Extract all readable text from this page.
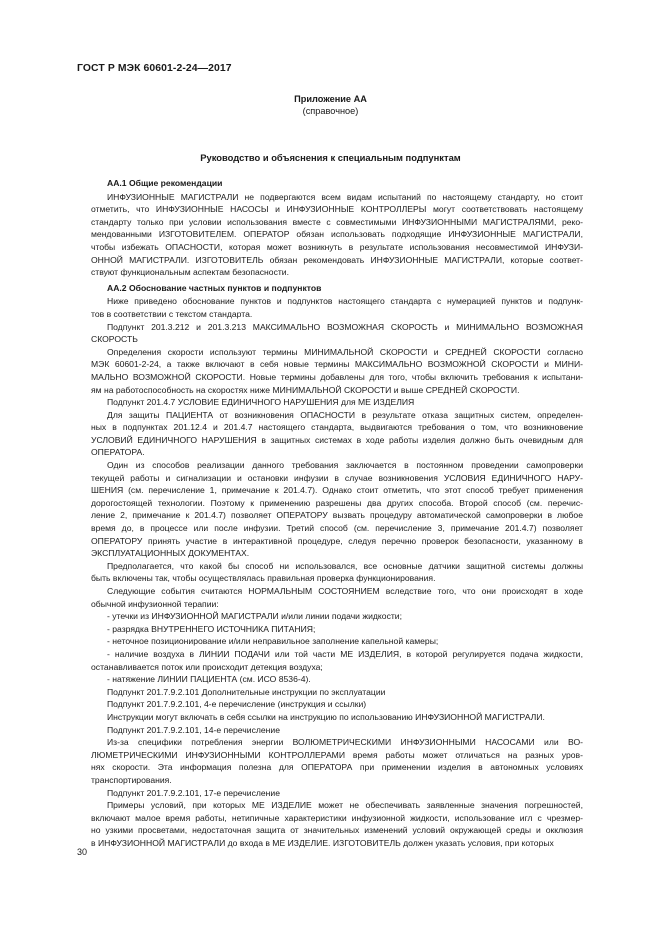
ГОСТ Р МЭК 60601-2-24—2017
Приложение АА
(справочное)
Руководство и объяснения к специальным подпунктам
АА.1 Общие рекомендации
ИНФУЗИОННЫЕ МАГИСТРАЛИ не подвергаются всем видам испытаний по настоящему стандарту, но стоит
отметить, что ИНФУЗИОННЫЕ НАСОСЫ и ИНФУЗИОННЫЕ КОНТРОЛЛЕРЫ могут соответствовать настоящему
стандарту только при условии использования вместе с совместимыми ИНФУЗИОННЫМИ МАГИСТРАЛЯМИ, реко-
мендованными ИЗГОТОВИТЕЛЕМ. ОПЕРАТОР обязан использовать подходящие ИНФУЗИОННЫЕ МАГИСТРАЛИ,
чтобы избежать ОПАСНОСТИ, которая может возникнуть в результате использования несовместимой ИНФУЗИ-
ОННОЙ МАГИСТРАЛИ. ИЗГОТОВИТЕЛЬ обязан рекомендовать ИНФУЗИОННЫЕ МАГИСТРАЛИ, которые соответ-
ствуют функциональным аспектам безопасности.
АА.2 Обоснование частных пунктов и подпунктов
Ниже приведено обоснование пунктов и подпунктов настоящего стандарта с нумерацией пунктов и подпунк-
тов в соответствии с текстом стандарта.
Подпункт 201.3.212 и 201.3.213 МАКСИМАЛЬНО ВОЗМОЖНАЯ СКОРОСТЬ и МИНИМАЛЬНО ВОЗМОЖНАЯ
СКОРОСТЬ
Определения скорости используют термины МИНИМАЛЬНОЙ СКОРОСТИ и СРЕДНЕЙ СКОРОСТИ согласно
МЭК 60601-2-24, а также включают в себя новые термины МАКСИМАЛЬНО ВОЗМОЖНОЙ СКОРОСТИ и МИНИ-
МАЛЬНО ВОЗМОЖНОЙ СКОРОСТИ. Новые термины добавлены для того, чтобы включить требования к испытани-
ям на работоспособность на скоростях ниже МИНИМАЛЬНОЙ СКОРОСТИ и выше СРЕДНЕЙ СКОРОСТИ.
Подпункт 201.4.7 УСЛОВИЕ ЕДИНИЧНОГО НАРУШЕНИЯ для МЕ ИЗДЕЛИЯ
Для защиты ПАЦИЕНТА от возникновения ОПАСНОСТИ в результате отказа защитных систем, определен-
ных в подпунктах 201.12.4 и 201.4.7 настоящего стандарта, выдвигаются требования о том, что возникновение
УСЛОВИЙ ЕДИНИЧНОГО НАРУШЕНИЯ в защитных системах в ходе работы изделия должно быть очевидным для
ОПЕРАТОРА.
Один из способов реализации данного требования заключается в постоянном проведении самопроверки
текущей работы и сигнализации и остановки инфузии в случае возникновения УСЛОВИЯ ЕДИНИЧНОГО НАРУ-
ШЕНИЯ (см. перечисление 1, примечание к 201.4.7). Однако стоит отметить, что этот способ требует применения
дорогостоящей технологии. Поэтому к применению разрешены два других способа. Второй способ (см. перечис-
ление 2, примечание к 201.4.7) позволяет ОПЕРАТОРУ вызвать процедуру автоматической самопроверки в любое
время до, в процессе или после инфузии. Третий способ (см. перечисление 3, примечание 201.4.7) позволяет
ОПЕРАТОРУ принять участие в интерактивной процедуре, следуя перечню проверок безопасности, указанному в
ЭКСПЛУАТАЦИОННЫХ ДОКУМЕНТАХ.
Предполагается, что какой бы способ ни использовался, все основные датчики защитной системы должны
быть включены так, чтобы осуществлялась правильная проверка функционирования.
Следующие события считаются НОРМАЛЬНЫМ СОСТОЯНИЕМ вследствие того, что они происходят в ходе
обычной инфузионной терапии:
- утечки из ИНФУЗИОННОЙ МАГИСТРАЛИ и/или линии подачи жидкости;
- разрядка ВНУТРЕННЕГО ИСТОЧНИКА ПИТАНИЯ;
- неточное позиционирование и/или неправильное заполнение капельной камеры;
- наличие воздуха в ЛИНИИ ПОДАЧИ или той части МЕ ИЗДЕЛИЯ, в которой регулируется подача жидкости,
останавливается поток или происходит детекция воздуха;
- натяжение ЛИНИИ ПАЦИЕНТА (см. ИСО 8536-4).
Подпункт 201.7.9.2.101 Дополнительные инструкции по эксплуатации
Подпункт 201.7.9.2.101, 4-е перечисление (инструкция и ссылки)
Инструкции могут включать в себя ссылки на инструкцию по использованию ИНФУЗИОННОЙ МАГИСТРАЛИ.
Подпункт 201.7.9.2.101, 14-е перечисление
Из-за специфики потребления энергии ВОЛЮМЕТРИЧЕСКИМИ ИНФУЗИОННЫМИ НАСОСАМИ или ВО-
ЛЮМЕТРИЧЕСКИМИ ИНФУЗИОННЫМИ КОНТРОЛЛЕРАМИ время работы может отличаться на разных уров-
нях скорости. Эта информация полезна для ОПЕРАТОРА при применении изделия в автономных условиях
транспортирования.
Подпункт 201.7.9.2.101, 17-е перечисление
Примеры условий, при которых МЕ ИЗДЕЛИЕ может не обеспечивать заявленные значения погрешностей,
включают малое время работы, нетипичные характеристики инфузионной жидкости, использование игл с чрезмер-
но узкими просветами, недостаточная защита от значительных изменений условий окружающей среды и окклюзия
в ИНФУЗИОННОЙ МАГИСТРАЛИ до входа в МЕ ИЗДЕЛИЕ. ИЗГОТОВИТЕЛЬ должен указать условия, при которых
30
